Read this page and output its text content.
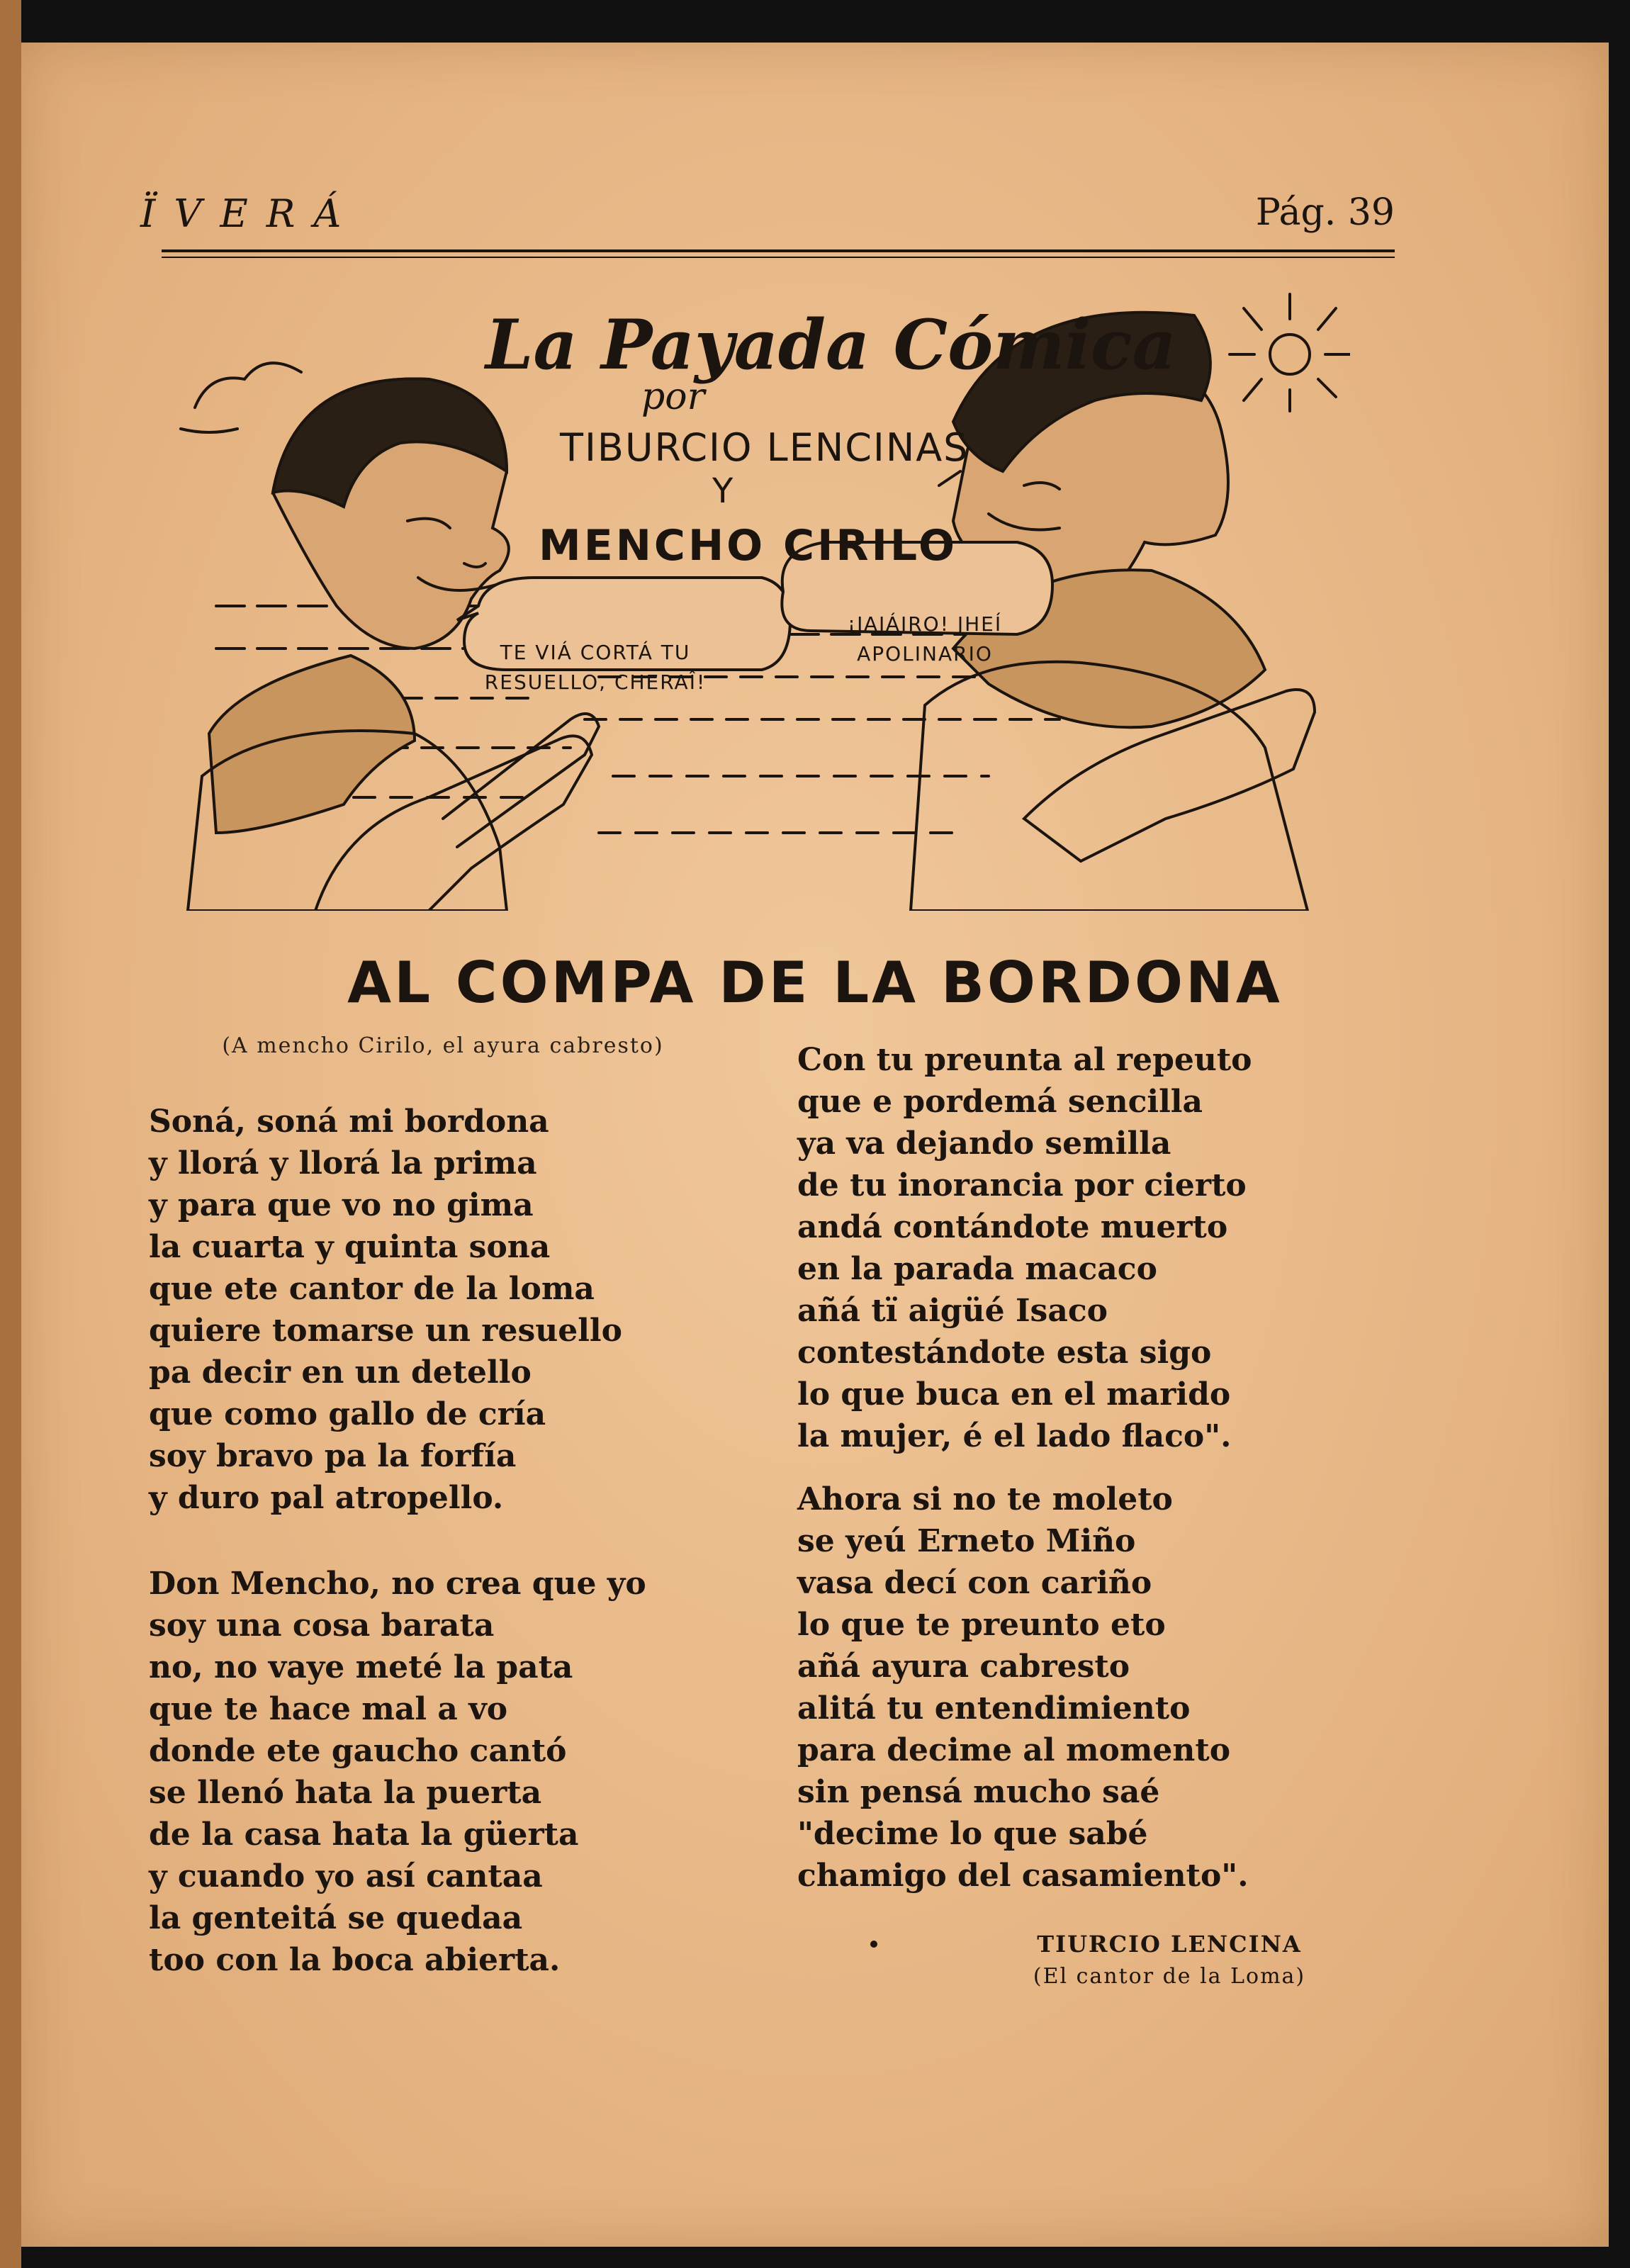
ÏVERÁ	Pág. 39
La Payada Cómica
por
TIBURCIO LENCINAS
Y
MENCHO CIRILO
TE VIÁ CORTÁ TU RESUELLO, CHERAÎ!
¡JAJÁIRO! JHEÍ APOLINARIO
AL COMPA DE LA BORDONA
(A mencho Cirilo, el ayura cabresto)
Soná, soná mi bordona
y llorá y llorá la prima
y para que vo no gima
la cuarta y quinta sona
que ete cantor de la loma
quiere tomarse un resuello
pa decir en un detello
que como gallo de cría
soy bravo pa la forfía
y duro pal atropello.
Don Mencho, no crea que yo
soy una cosa barata
no, no vaye meté la pata
que te hace mal a vo
donde ete gaucho cantó
se llenó hata la puerta
de la casa hata la güerta
y cuando yo así cantaa
la genteitá se quedaa
too con la boca abierta.
Con tu preunta al repeuto
que e pordemá sencilla
ya va dejando semilla
de tu inorancia por cierto
andá contándote muerto
en la parada macaco
añá tï aigüé Isaco
contestándote esta sigo
lo que buca en el marido
la mujer, é el lado flaco".
Ahora si no te moleto
se yeú Erneto Miño
vasa decí con cariño
lo que te preunto eto
añá ayura cabresto
alitá tu entendimiento
para decime al momento
sin pensá mucho saé
"decime lo que sabé
chamigo del casamiento".
TIURCIO LENCINA
(El cantor de la Loma)
